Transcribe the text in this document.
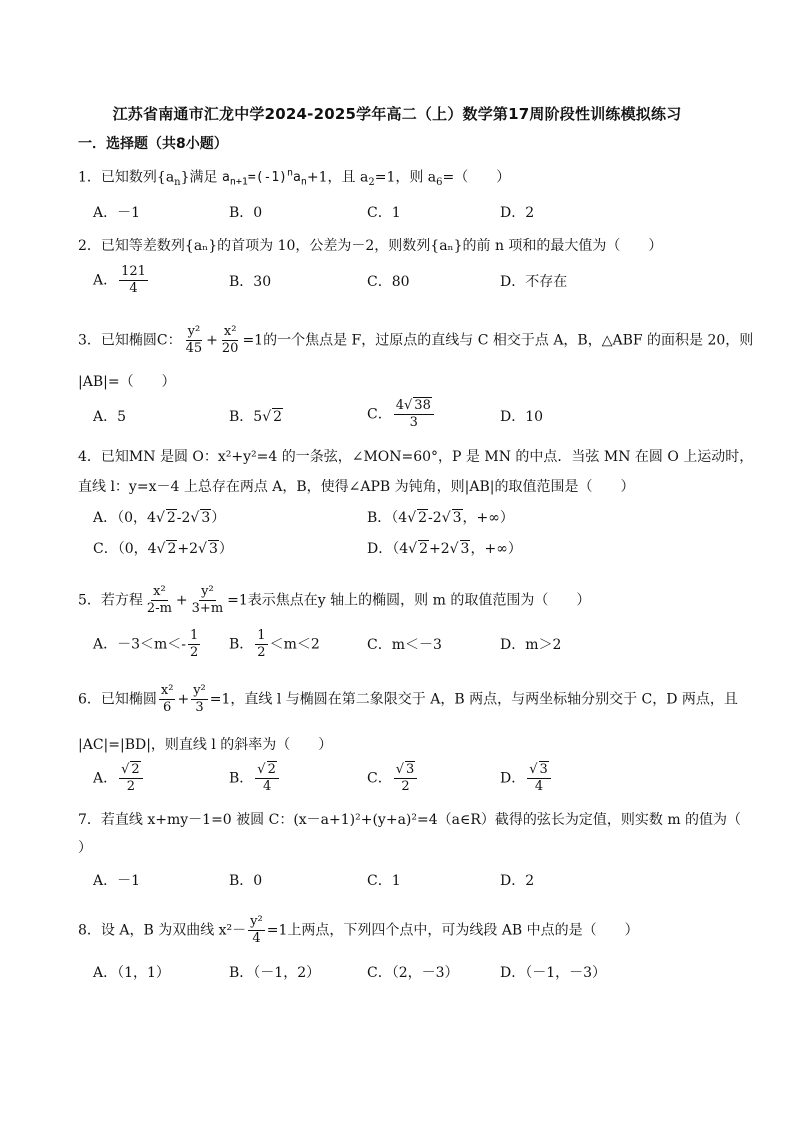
江苏省南通市汇龙中学2024-2025学年高二（上）数学第17周阶段性训练模拟练习
一．选择题（共8小题）
1．已知数列$\{a_n\}$满足 $a_{n+1}=(-1)^na_n+1$，且 $a_2=1$，则 $a_6=$（　　）
A．－1	B．0	C．1	D．2
2．已知等差数列{aₙ}的首项为 10，公差为－2，则数列{aₙ}的前 n 项和的最大值为（　　）
A． $\frac{121}{4}$	B．30	C．80	D．不存在
3．已知椭圆C： $\frac{\text{y²}}{45} + \frac{\text{x²}}{20} =1$的一个焦点是 F，过原点的直线与 C 相交于点 A，B，△ABF 的面积是 20，则
|AB|=（　　）
A．5	B．5√ 2	C． $\frac{4√ 38}{3}$	D．10
4．已知MN 是圆 O：x²+y²=4 的一条弦，∠MON=60°，P 是 MN 的中点．当弦 MN 在圆 O 上运动时，
直线 l：y=x－4 上总存在两点 A，B，使得∠APB 为钝角，则|AB|的取值范围是（　　）
A．（0，4√ 2-2√ 3）	B．（4√ 2-2√ 3，+∞）
C．（0，4√ 2+2√ 3）	D．（4√ 2+2√ 3，+∞）
5．若方程 $\frac{\text{x²}}{2-m} + \frac{\text{y²}}{3+m} =1$表示焦点在y 轴上的椭圆，则 m 的取值范围为（　　）
A．$-3<m<- \frac{1}{2}$ B． $\frac{1}{2} <m<2$	C．m＜－3	D．m＞2
6．已知椭圆 $\frac{\text{x²}}{6} + \frac{\text{y²}}{3} =1$，直线 l 与椭圆在第二象限交于 A，B 两点，与两坐标轴分别交于 C，D 两点，且
|AC|=|BD|，则直线 l 的斜率为（　　）
A． $\frac{√ 2}{2}$	B． $\frac{√ 2}{4}$	C． $\frac{√ 3}{2}$	D． $\frac{√ 3}{4}$
7．若直线 x+my－1=0 被圆 C：(x－a+1)²+(y+a)²=4（a∈R）截得的弦长为定值，则实数 m 的值为（
）
A．－1	B．0	C．1	D．2
8．设 A，B 为双曲线 $x^2- \frac{\text{y²}}{4} =1$上两点，下列四个点中，可为线段 AB 中点的是（　　）
A．（1，1）	B．（－1，2）	C．（2，－3）	D．（－1，－3）
